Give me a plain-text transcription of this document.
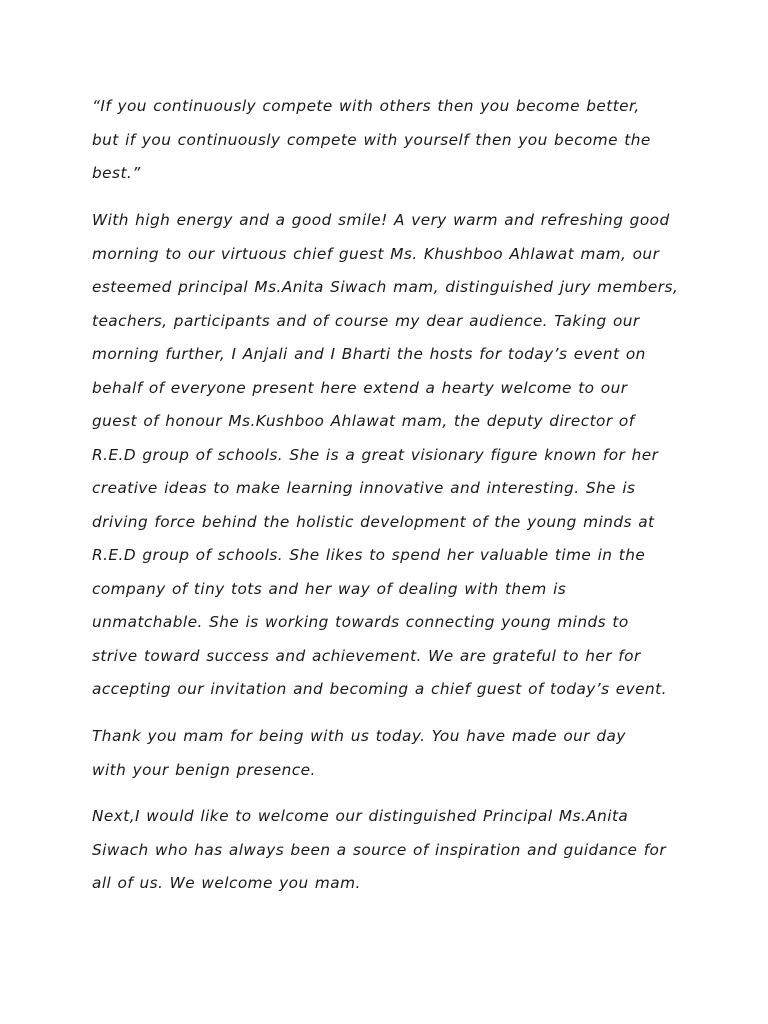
“If you continuously compete with others then you become better,
but if you continuously compete with yourself then you become the
best.”
With high energy and a good smile! A very warm and refreshing good
morning to our virtuous chief guest Ms. Khushboo Ahlawat mam, our
esteemed principal Ms.Anita Siwach mam, distinguished jury members,
teachers, participants and of course my dear audience. Taking our
morning further, I Anjali and I Bharti the hosts for today’s event on
behalf of everyone present here extend a hearty welcome to our
guest of honour Ms.Kushboo Ahlawat mam, the deputy director of
R.E.D group of schools. She is a great visionary figure known for her
creative ideas to make learning innovative and interesting. She is
driving force behind the holistic development of the young minds at
R.E.D group of schools. She likes to spend her valuable time in the
company of tiny tots and her way of dealing with them is
unmatchable. She is working towards connecting young minds to
strive toward success and achievement. We are grateful to her for
accepting our invitation and becoming a chief guest of today’s event.
Thank you mam for being with us today. You have made our day
with your benign presence.
Next,I would like to welcome our distinguished Principal Ms.Anita
Siwach who has always been a source of inspiration and guidance for
all of us. We welcome you mam.
